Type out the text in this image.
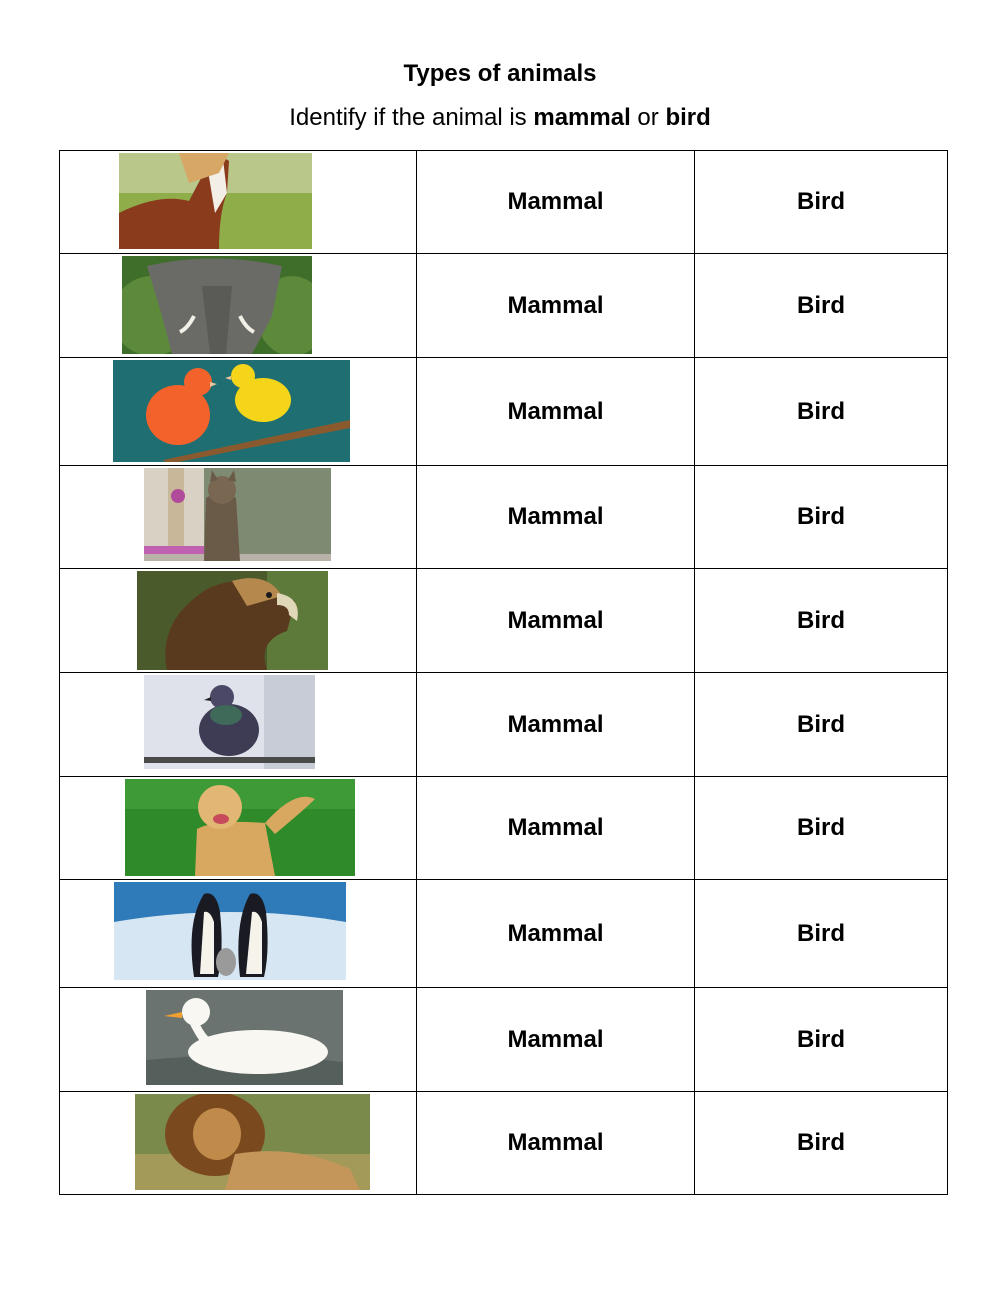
Types of animals
Identify if the animal is mammal or bird
	Mammal	Bird

	Mammal	Bird

	Mammal	Bird

	Mammal	Bird

	Mammal	Bird

	Mammal	Bird

	Mammal	Bird

	Mammal	Bird

	Mammal	Bird

	Mammal	Bird
